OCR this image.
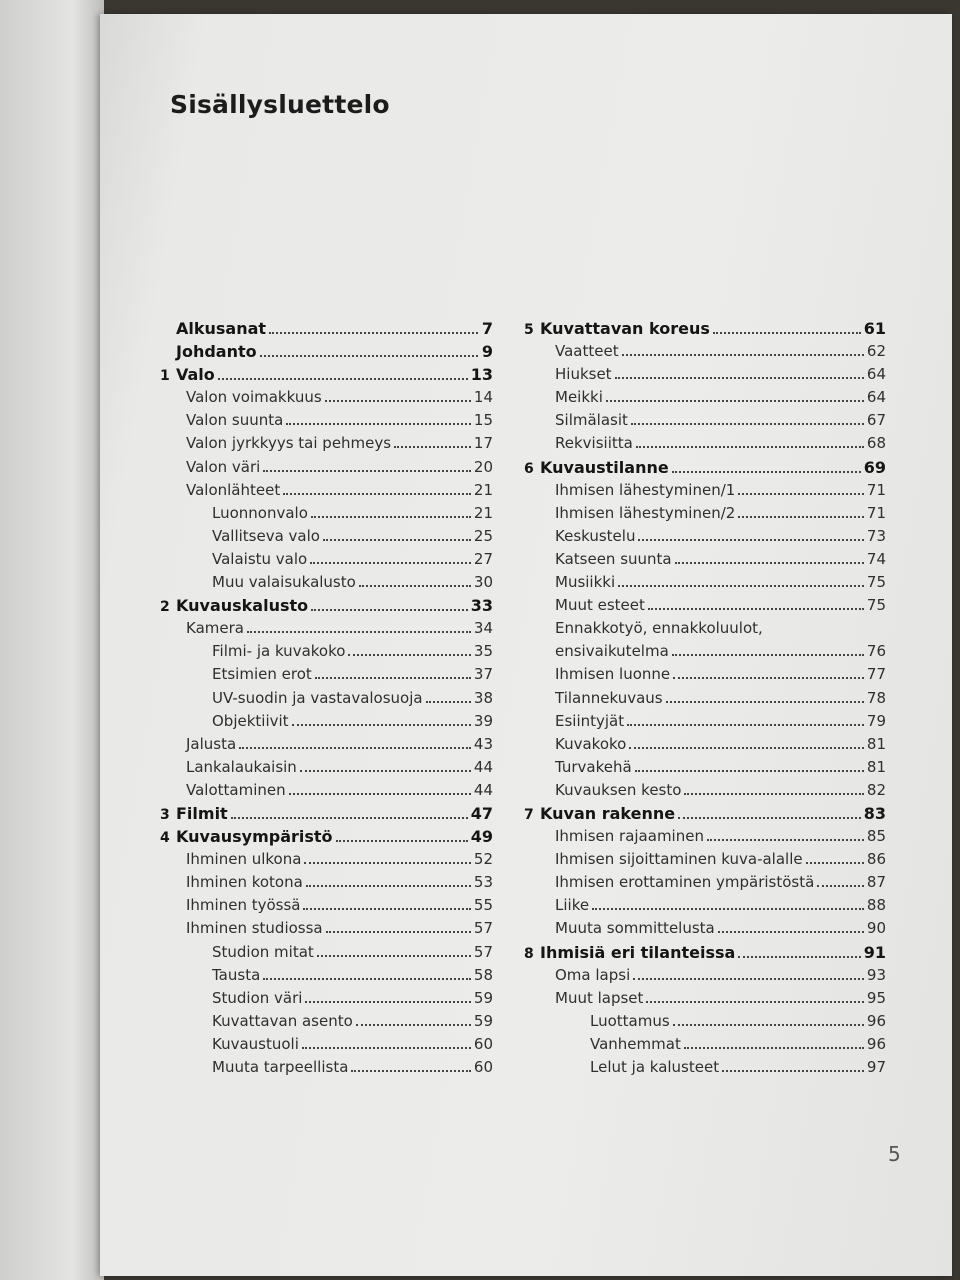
Sisällysluettelo
Alkusanat	7
Johdanto	9
1 Valo	13
Valon voimakkuus	14
Valon suunta	15
Valon jyrkkyys tai pehmeys	17
Valon väri	20
Valonlähteet	21
Luonnonvalo	21
Vallitseva valo	25
Valaistu valo	27
Muu valaisukalusto	30
2 Kuvauskalusto	33
Kamera	34
Filmi- ja kuvakoko	35
Etsimien erot	37
UV-suodin ja vastavalosuoja	38
Objektiivit	39
Jalusta	43
Lankalaukaisin	44
Valottaminen	44
3 Filmit	47
4 Kuvausympäristö	49
Ihminen ulkona	52
Ihminen kotona	53
Ihminen työssä	55
Ihminen studiossa	57
Studion mitat	57
Tausta	58
Studion väri	59
Kuvattavan asento	59
Kuvaustuoli	60
Muuta tarpeellista	60
5 Kuvattavan koreus	61
Vaatteet	62
Hiukset	64
Meikki	64
Silmälasit	67
Rekvisiitta	68
6 Kuvaustilanne	69
Ihmisen lähestyminen/1	71
Ihmisen lähestyminen/2	71
Keskustelu	73
Katseen suunta	74
Musiikki	75
Muut esteet	75
Ennakkotyö, ennakkoluulot,
ensivaikutelma	76
Ihmisen luonne	77
Tilannekuvaus	78
Esiintyjät	79
Kuvakoko	81
Turvakehä	81
Kuvauksen kesto	82
7 Kuvan rakenne	83
Ihmisen rajaaminen	85
Ihmisen sijoittaminen kuva-alalle	86
Ihmisen erottaminen ympäristöstä	87
Liike	88
Muuta sommittelusta	90
8 Ihmisiä eri tilanteissa	91
Oma lapsi	93
Muut lapset	95
Luottamus	96
Vanhemmat	96
Lelut ja kalusteet	97
5
